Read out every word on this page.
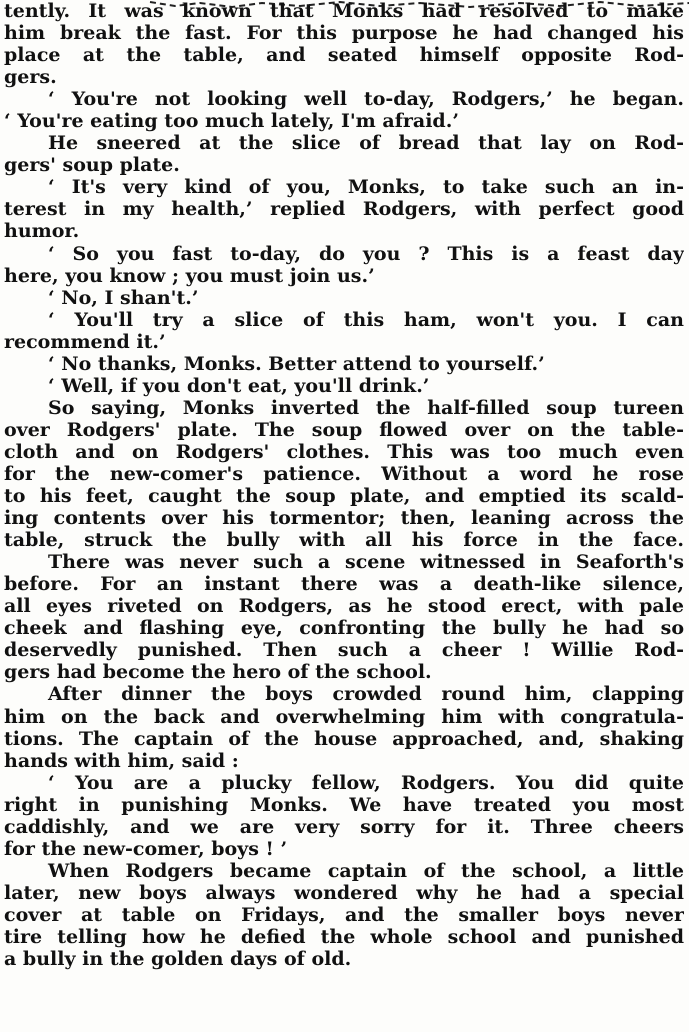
tently. It was known that Monks had resolved to make
him break the fast. For this purpose he had changed his
place at the table, and seated himself opposite Rod-
gers.
‘ You're not looking well to-day, Rodgers,’ he began.
‘ You're eating too much lately, I'm afraid.’
He sneered at the slice of bread that lay on Rod-
gers' soup plate.
‘ It's very kind of you, Monks, to take such an in-
terest in my health,’ replied Rodgers, with perfect good
humor.
‘ So you fast to-day, do you ? This is a feast day
here, you know ; you must join us.’
‘ No, I shan't.’
‘ You'll try a slice of this ham, won't you. I can
recommend it.’
‘ No thanks, Monks. Better attend to yourself.’
‘ Well, if you don't eat, you'll drink.’
So saying, Monks inverted the half-filled soup tureen
over Rodgers' plate. The soup flowed over on the table-
cloth and on Rodgers' clothes. This was too much even
for the new-comer's patience. Without a word he rose
to his feet, caught the soup plate, and emptied its scald-
ing contents over his tormentor; then, leaning across the
table, struck the bully with all his force in the face.
There was never such a scene witnessed in Seaforth's
before. For an instant there was a death-like silence,
all eyes riveted on Rodgers, as he stood erect, with pale
cheek and flashing eye, confronting the bully he had so
deservedly punished. Then such a cheer ! Willie Rod-
gers had become the hero of the school.
After dinner the boys crowded round him, clapping
him on the back and overwhelming him with congratula-
tions. The captain of the house approached, and, shaking
hands with him, said :
‘ You are a plucky fellow, Rodgers. You did quite
right in punishing Monks. We have treated you most
caddishly, and we are very sorry for it. Three cheers
for the new-comer, boys ! ’
When Rodgers became captain of the school, a little
later, new boys always wondered why he had a special
cover at table on Fridays, and the smaller boys never
tire telling how he defied the whole school and punished
a bully in the golden days of old.
